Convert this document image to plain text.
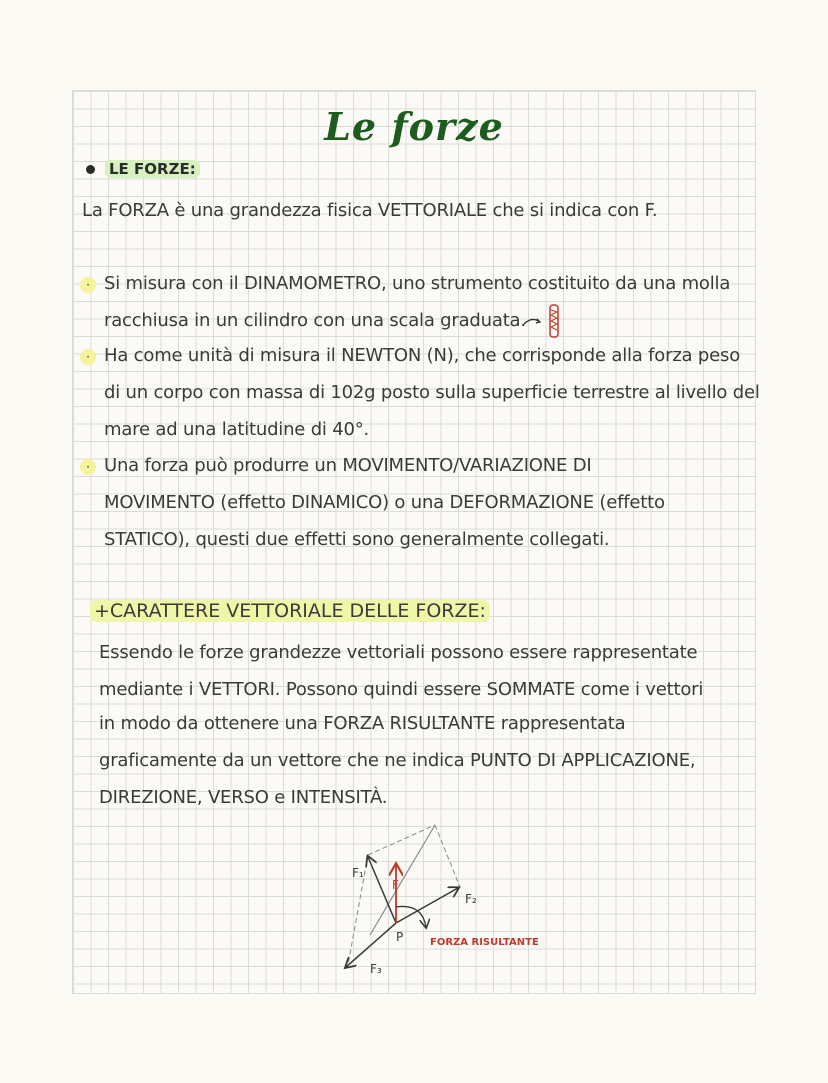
Le forze
LE FORZE:
La FORZA è una grandezza fisica VETTORIALE che si indica con F.
· Si misura con il DINAMOMETRO, uno strumento costituito da una molla
racchiusa in un cilindro con una scala graduata.
· Ha come unità di misura il NEWTON (N), che corrisponde alla forza peso
di un corpo con massa di 102g posto sulla superficie terrestre al livello del
mare ad una latitudine di 40°.
· Una forza può produrre un MOVIMENTO/VARIAZIONE DI
MOVIMENTO (effetto DINAMICO) o una DEFORMAZIONE (effetto
STATICO), questi due effetti sono generalmente collegati.
+CARATTERE VETTORIALE DELLE FORZE:
Essendo le forze grandezze vettoriali possono essere rappresentate
mediante i VETTORI. Possono quindi essere SOMMATE come i vettori
in modo da ottenere una FORZA RISULTANTE rappresentata
graficamente da un vettore che ne indica PUNTO DI APPLICAZIONE,
DIREZIONE, VERSO e INTENSITÀ.
F₁
F
F₂
P	FORZA RISULTANTE
F₃
